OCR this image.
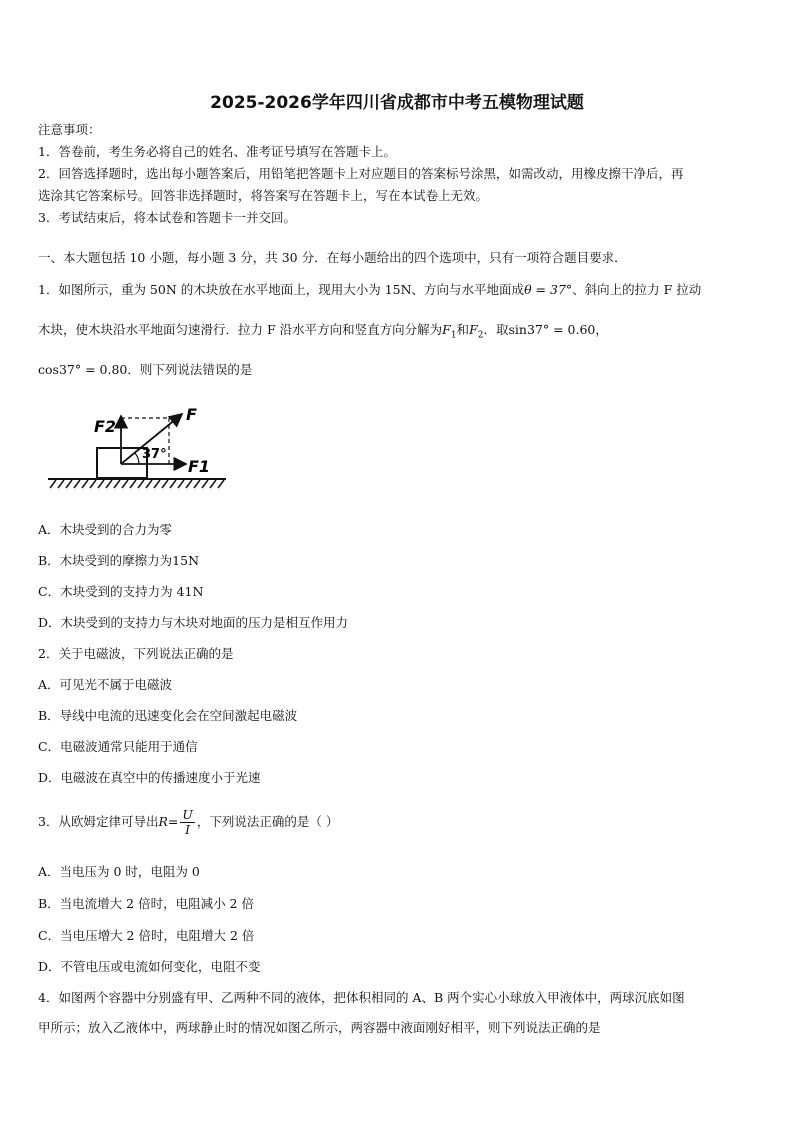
2025-2026学年四川省成都市中考五模物理试题
注意事项：
1．答卷前，考生务必将自己的姓名、准考证号填写在答题卡上。
2．回答选择题时，选出每小题答案后，用铅笔把答题卡上对应题目的答案标号涂黑，如需改动，用橡皮擦干净后，再
选涂其它答案标号。回答非选择题时，将答案写在答题卡上，写在本试卷上无效。
3．考试结束后，将本试卷和答题卡一并交回。
一、本大题包括 10 小题，每小题 3 分，共 30 分．在每小题给出的四个选项中，只有一项符合题目要求．
1．如图所示，重为 50N 的木块放在水平地面上，现用大小为 15N、方向与水平地面成θ = 37°、斜向上的拉力 F 拉动
木块，使木块沿水平地面匀速滑行．拉力 F 沿水平方向和竖直方向分解为$F_1$和$F_2$．取sin37° = 0.60，
cos37° = 0.80．则下列说法错误的是
F2
F
37°
F1
A．木块受到的合力为零
B．木块受到的摩擦力为15N
C．木块受到的支持力为 41N
D．木块受到的支持力与木块对地面的压力是相互作用力
2．关于电磁波，下列说法正确的是
A．可见光不属于电磁波
B．导线中电流的迅速变化会在空间激起电磁波
C．电磁波通常只能用于通信
D．电磁波在真空中的传播速度小于光速
3．从欧姆定律可导出$R= \frac{U}{I}$ ，下列说法正确的是（ ）
A．当电压为 0 时，电阻为 0
B．当电流增大 2 倍时，电阻减小 2 倍
C．当电压增大 2 倍时，电阻增大 2 倍
D．不管电压或电流如何变化，电阻不变
4．如图两个容器中分别盛有甲、乙两种不同的液体，把体积相同的 A、B 两个实心小球放入甲液体中，两球沉底如图
甲所示；放入乙液体中，两球静止时的情况如图乙所示，两容器中液面刚好相平，则下列说法正确的是
